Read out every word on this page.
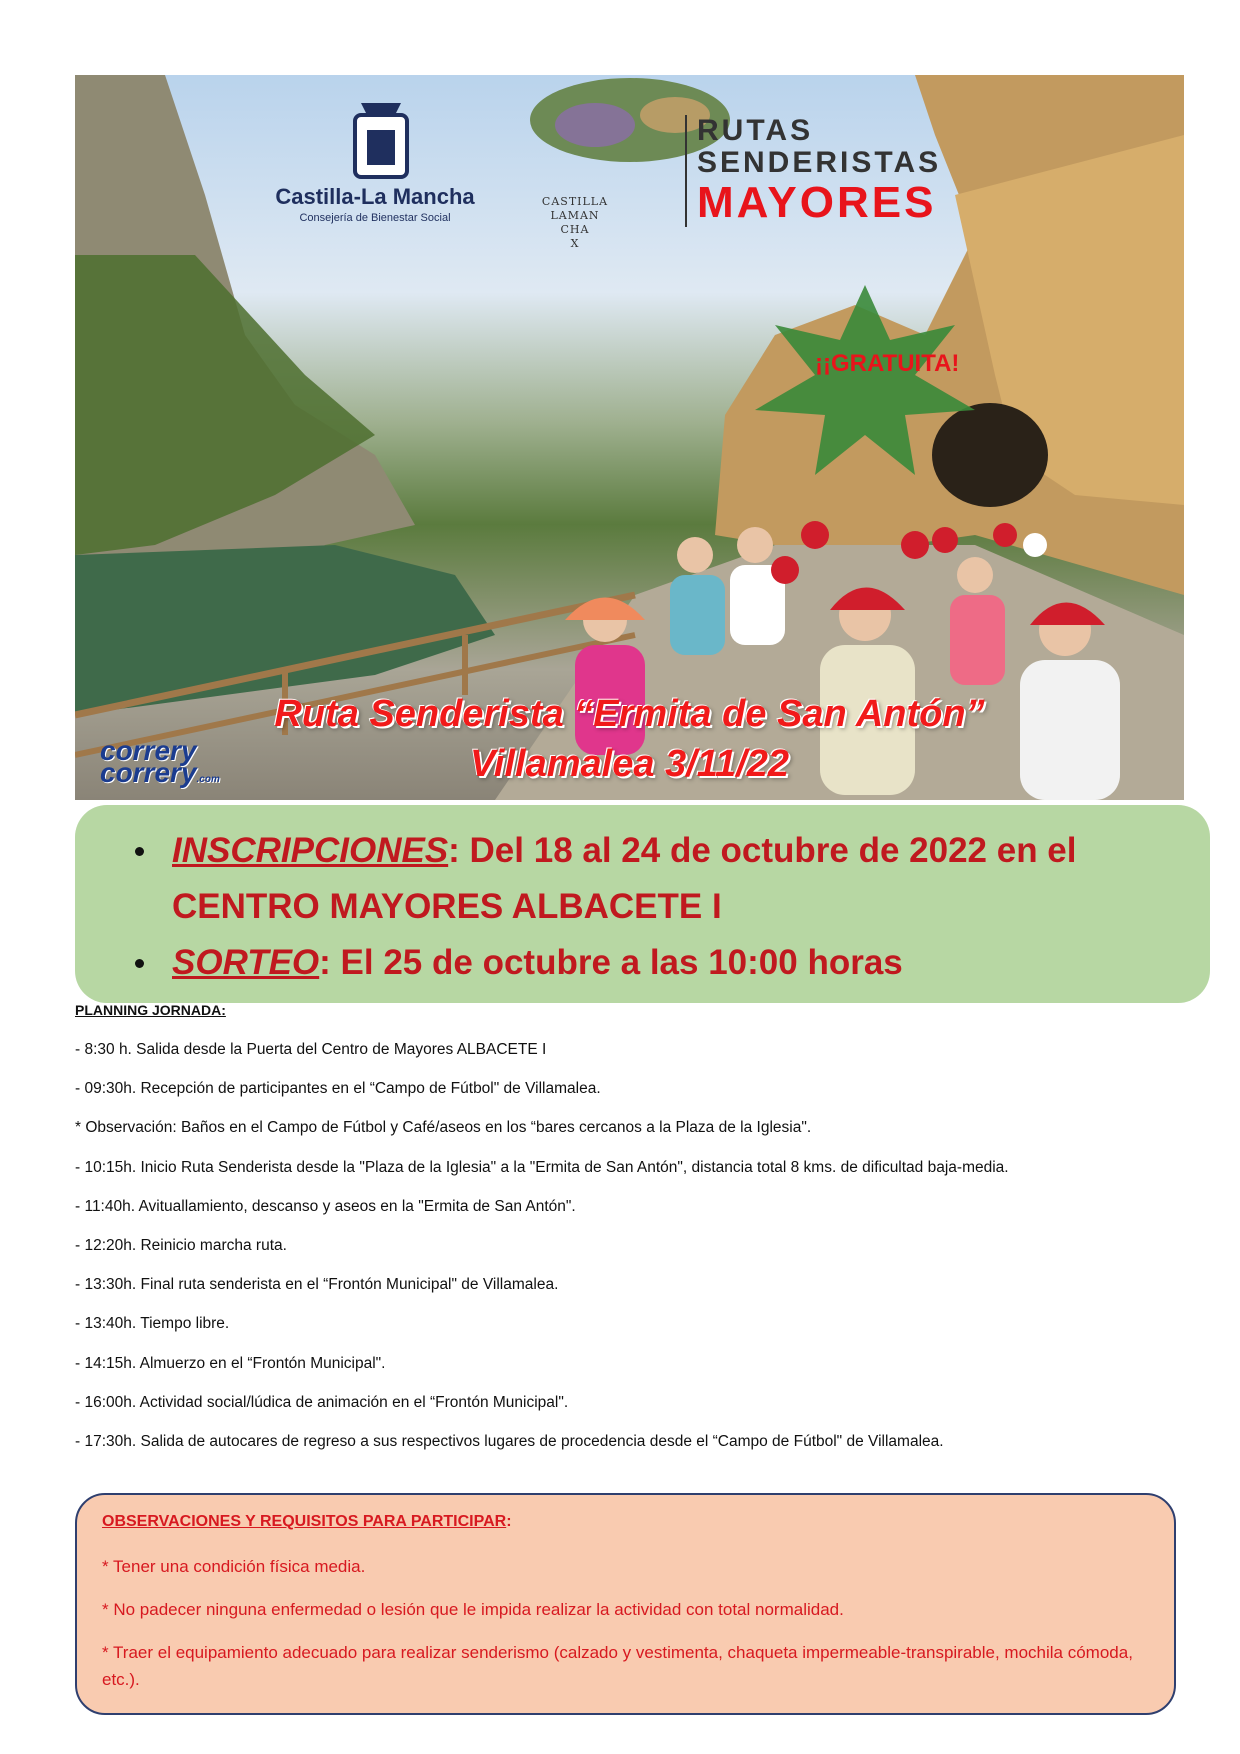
Castilla-La Mancha
Consejería de Bienestar Social
CASTILLA
LAMAN
CHA
X
RUTAS
SENDERISTAS
MAYORES
¡¡GRATUITA!
Ruta Senderista “Ermita de San Antón”
Villamalea 3/11/22
correry
correry.com
INSCRIPCIONES: Del 18 al 24 de octubre de 2022 en el CENTRO MAYORES ALBACETE I
SORTEO: El 25 de octubre a las 10:00 horas
PLANNING JORNADA:
- 8:30 h. Salida desde la Puerta del Centro de Mayores ALBACETE I
- 09:30h. Recepción de participantes en el “Campo de Fútbol" de Villamalea.
* Observación: Baños en el Campo de Fútbol y Café/aseos en los “bares cercanos a la Plaza de la Iglesia".
- 10:15h. Inicio Ruta Senderista desde la "Plaza de la Iglesia" a la "Ermita de San Antón", distancia total 8 kms. de dificultad baja-media.
- 11:40h. Avituallamiento, descanso y aseos en la "Ermita de San Antón".
- 12:20h. Reinicio marcha ruta.
- 13:30h. Final ruta senderista en el “Frontón Municipal" de Villamalea.
- 13:40h. Tiempo libre.
- 14:15h. Almuerzo en el “Frontón Municipal".
- 16:00h. Actividad social/lúdica de animación en el “Frontón Municipal".
- 17:30h. Salida de autocares de regreso a sus respectivos lugares de procedencia desde el “Campo de Fútbol" de Villamalea.
OBSERVACIONES Y REQUISITOS PARA PARTICIPAR:
* Tener una condición física media.
* No padecer ninguna enfermedad o lesión que le impida realizar la actividad con total normalidad.
* Traer el equipamiento adecuado para realizar senderismo (calzado y vestimenta, chaqueta impermeable-transpirable, mochila cómoda, etc.).
